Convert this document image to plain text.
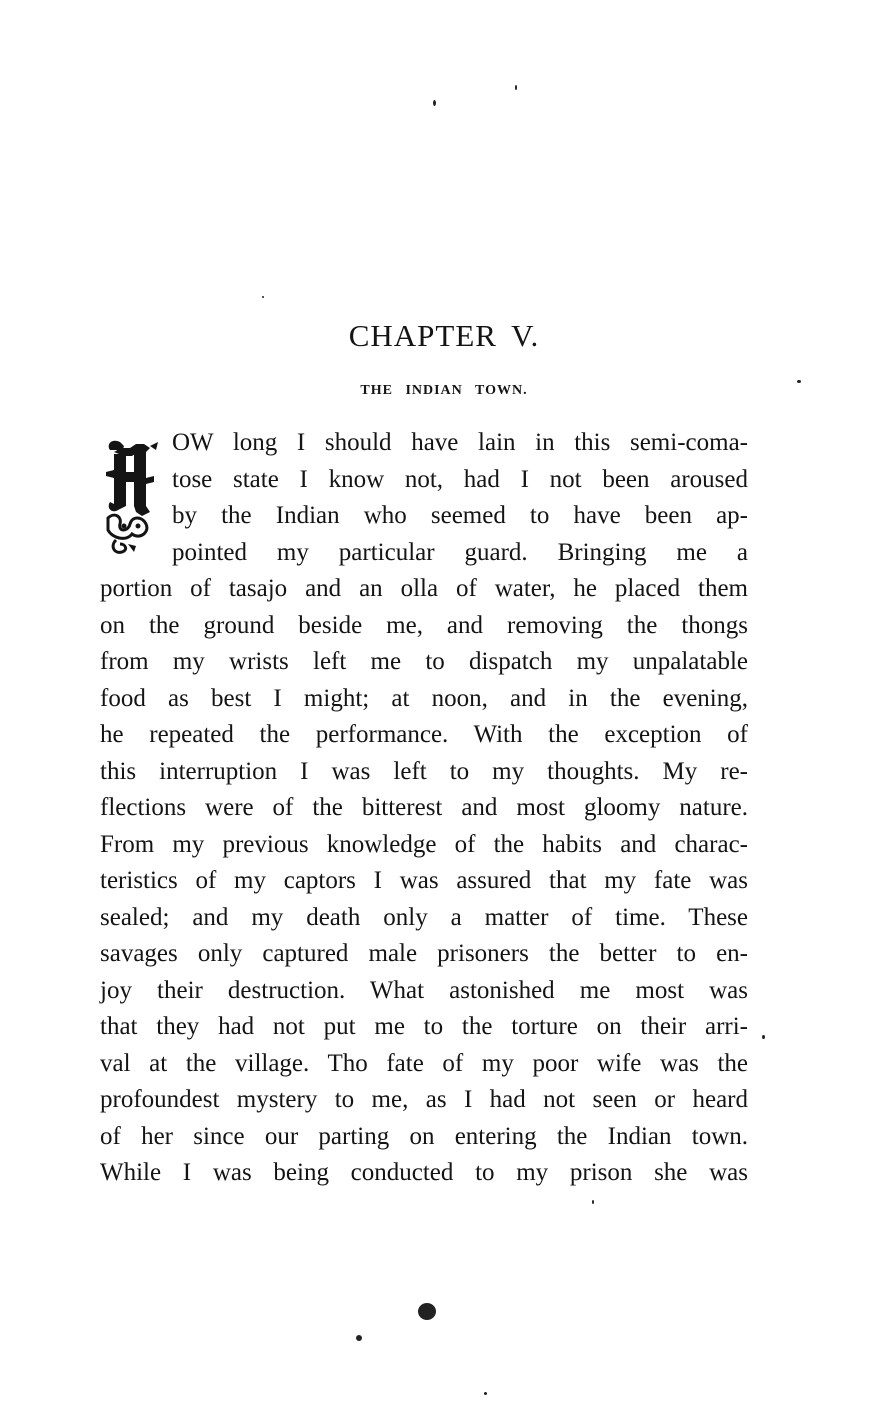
CHAPTER V.
THE INDIAN TOWN.
OW long I should have lain in this semi-coma-
tose state I know not, had I not been aroused
by the Indian who seemed to have been ap-
pointed my particular guard. Bringing me a
portion of tasajo and an olla of water, he placed them
on the ground beside me, and removing the thongs
from my wrists left me to dispatch my unpalatable
food as best I might; at noon, and in the evening,
he repeated the performance. With the exception of
this interruption I was left to my thoughts. My re-
flections were of the bitterest and most gloomy nature.
From my previous knowledge of the habits and charac-
teristics of my captors I was assured that my fate was
sealed; and my death only a matter of time. These
savages only captured male prisoners the better to en-
joy their destruction. What astonished me most was
that they had not put me to the torture on their arri-
val at the village. Tho fate of my poor wife was the
profoundest mystery to me, as I had not seen or heard
of her since our parting on entering the Indian town.
While I was being conducted to my prison she was
